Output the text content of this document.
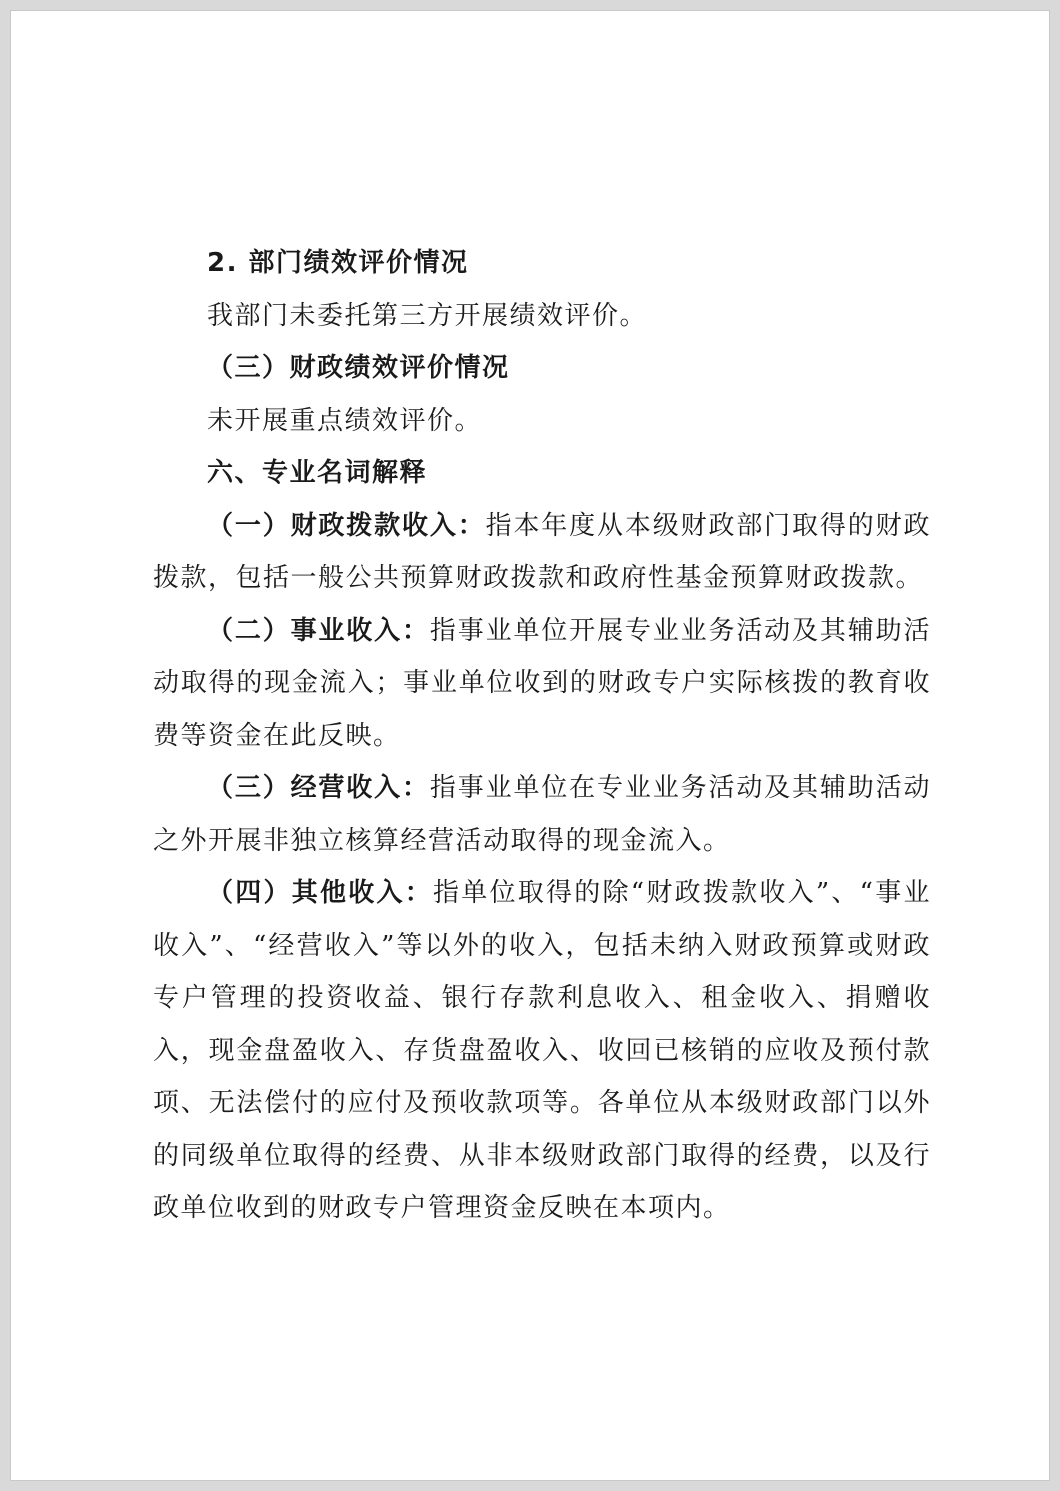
2. 部门绩效评价情况

我部门未委托第三方开展绩效评价。

（三）财政绩效评价情况

未开展重点绩效评价。

六、专业名词解释

（一）财政拨款收入：指本年度从本级财政部门取得的财政拨款，包括一般公共预算财政拨款和政府性基金预算财政拨款。

（二）事业收入：指事业单位开展专业业务活动及其辅助活动取得的现金流入；事业单位收到的财政专户实际核拨的教育收费等资金在此反映。

（三）经营收入：指事业单位在专业业务活动及其辅助活动之外开展非独立核算经营活动取得的现金流入。

（四）其他收入：指单位取得的除“财政拨款收入”、“事业收入”、“经营收入”等以外的收入，包括未纳入财政预算或财政专户管理的投资收益、银行存款利息收入、租金收入、捐赠收入，现金盘盈收入、存货盘盈收入、收回已核销的应收及预付款项、无法偿付的应付及预收款项等。各单位从本级财政部门以外的同级单位取得的经费、从非本级财政部门取得的经费，以及行政单位收到的财政专户管理资金反映在本项内。
